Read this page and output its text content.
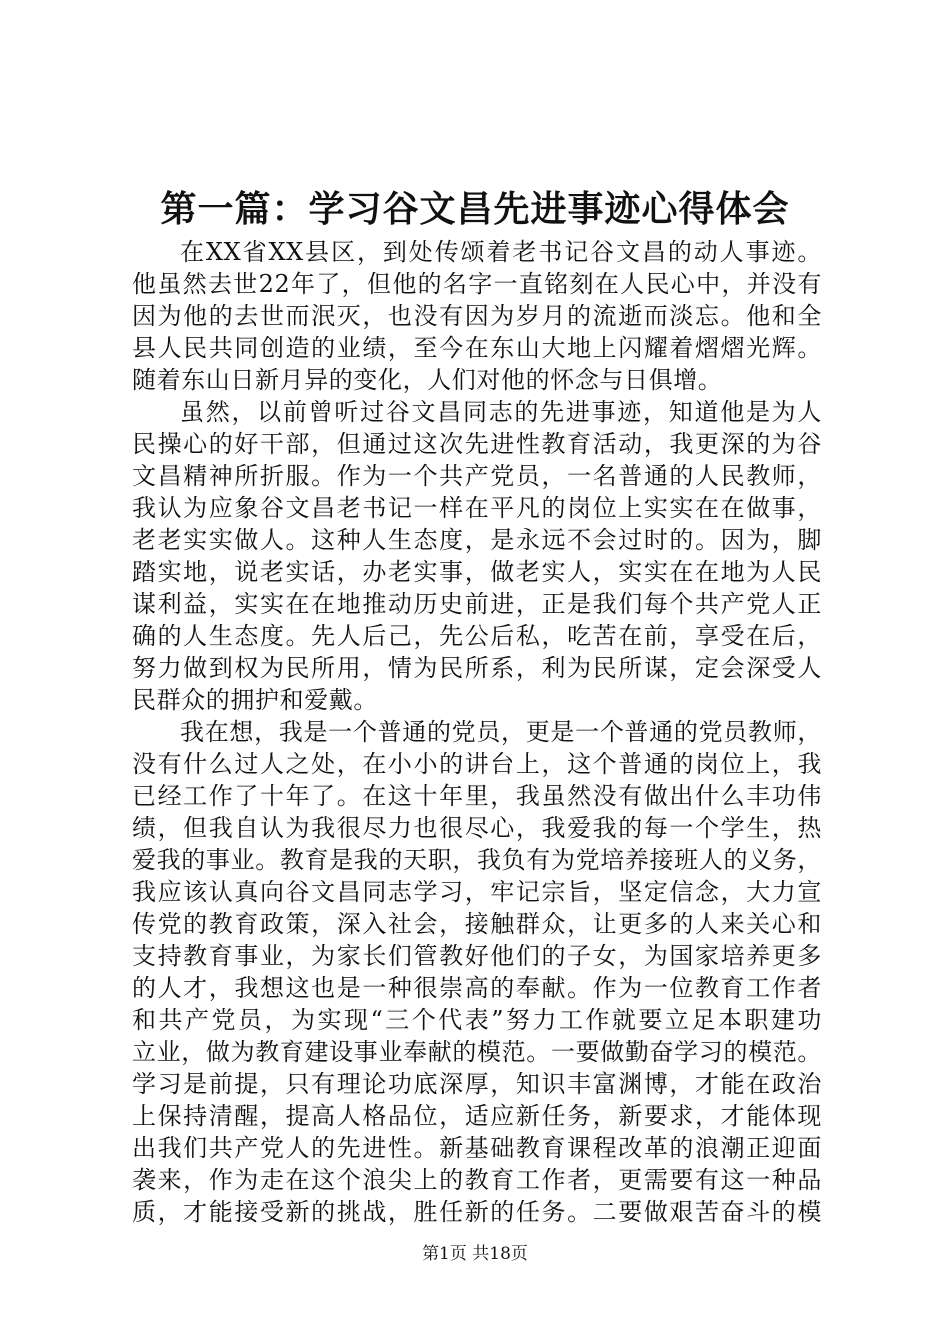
第一篇：学习谷文昌先进事迹心得体会
在XX省XX县区，到处传颂着老书记谷文昌的动人事迹。
他虽然去世22年了，但他的名字一直铭刻在人民心中，并没有
因为他的去世而泯灭，也没有因为岁月的流逝而淡忘。他和全
县人民共同创造的业绩，至今在东山大地上闪耀着熠熠光辉。
随着东山日新月异的变化，人们对他的怀念与日俱增。
虽然，以前曾听过谷文昌同志的先进事迹，知道他是为人
民操心的好干部，但通过这次先进性教育活动，我更深的为谷
文昌精神所折服。作为一个共产党员，一名普通的人民教师，
我认为应象谷文昌老书记一样在平凡的岗位上实实在在做事，
老老实实做人。这种人生态度，是永远不会过时的。因为，脚
踏实地，说老实话，办老实事，做老实人，实实在在地为人民
谋利益，实实在在地推动历史前进，正是我们每个共产党人正
确的人生态度。先人后己，先公后私，吃苦在前，享受在后，
努力做到权为民所用，情为民所系，利为民所谋，定会深受人
民群众的拥护和爱戴。
我在想，我是一个普通的党员，更是一个普通的党员教师，
没有什么过人之处，在小小的讲台上，这个普通的岗位上，我
已经工作了十年了。在这十年里，我虽然没有做出什么丰功伟
绩，但我自认为我很尽力也很尽心，我爱我的每一个学生，热
爱我的事业。教育是我的天职，我负有为党培养接班人的义务，
我应该认真向谷文昌同志学习，牢记宗旨，坚定信念，大力宣
传党的教育政策，深入社会，接触群众，让更多的人来关心和
支持教育事业，为家长们管教好他们的子女，为国家培养更多
的人才，我想这也是一种很崇高的奉献。作为一位教育工作者
和共产党员，为实现“三个代表”努力工作就要立足本职建功
立业，做为教育建设事业奉献的模范。一要做勤奋学习的模范。
学习是前提，只有理论功底深厚，知识丰富渊博，才能在政治
上保持清醒，提高人格品位，适应新任务，新要求，才能体现
出我们共产党人的先进性。新基础教育课程改革的浪潮正迎面
袭来，作为走在这个浪尖上的教育工作者，更需要有这一种品
质，才能接受新的挑战，胜任新的任务。二要做艰苦奋斗的模
第1页 共18页
